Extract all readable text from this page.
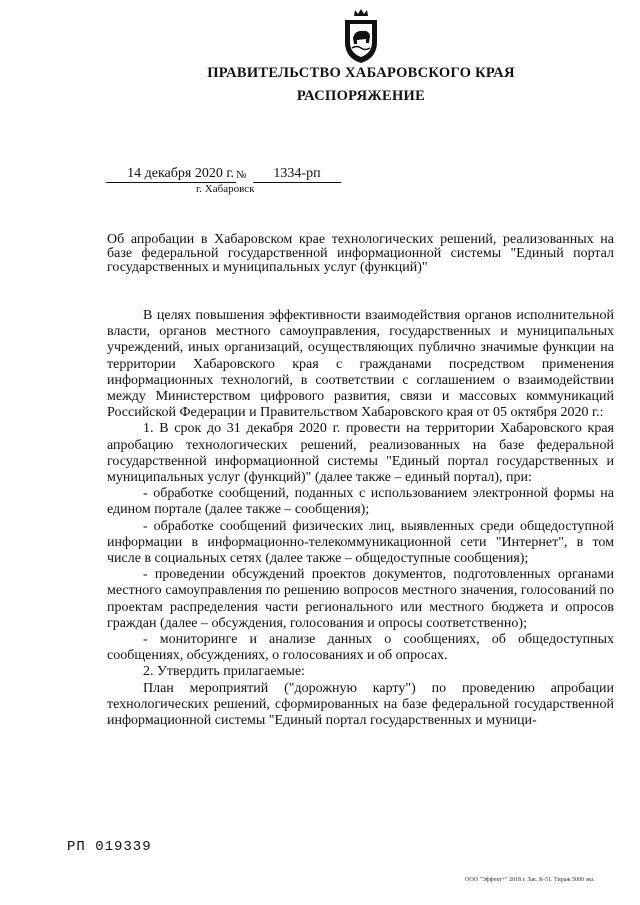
ПРАВИТЕЛЬСТВО ХАБАРОВСКОГО КРАЯ
РАСПОРЯЖЕНИЕ
14 декабря 2020 г. №	1334-рп
г. Хабаровск
Об апробации в Хабаровском крае технологических решений, реализованных на базе федеральной государственной информационной системы "Единый портал государственных и муниципальных услуг (функций)"

В целях повышения эффективности взаимодействия органов исполнительной власти, органов местного самоуправления, государственных и муниципальных учреждений, иных организаций, осуществляющих публично значимые функции на территории Хабаровского края с гражданами посредством применения информационных технологий, в соответствии с соглашением о взаимодействии между Министерством цифрового развития, связи и массовых коммуникаций Российской Федерации и Правительством Хабаровского края от 05 октября 2020 г.:

1. В срок до 31 декабря 2020 г. провести на территории Хабаровского края апробацию технологических решений, реализованных на базе федеральной государственной информационной системы "Единый портал государственных и муниципальных услуг (функций)" (далее также – единый портал), при:

- обработке сообщений, поданных с использованием электронной формы на едином портале (далее также – сообщения);

- обработке сообщений физических лиц, выявленных среди общедоступной информации в информационно-телекоммуникационной сети "Интернет", в том числе в социальных сетях (далее также – общедоступные сообщения);

- проведении обсуждений проектов документов, подготовленных органами местного самоуправления по решению вопросов местного значения, голосований по проектам распределения части регионального или местного бюджета и опросов граждан (далее – обсуждения, голосования и опросы соответственно);

- мониторинге и анализе данных о сообщениях, об общедоступных сообщениях, обсуждениях, о голосованиях и об опросах.

2. Утвердить прилагаемые:

План мероприятий ("дорожную карту") по проведению апробации технологических решений, сформированных на базе федеральной государственной информационной системы "Единый портал государственных и муници-

РП 019339
ООО "Эффект+" 2018 г. Зак. К-51. Тираж 5000 экз.
